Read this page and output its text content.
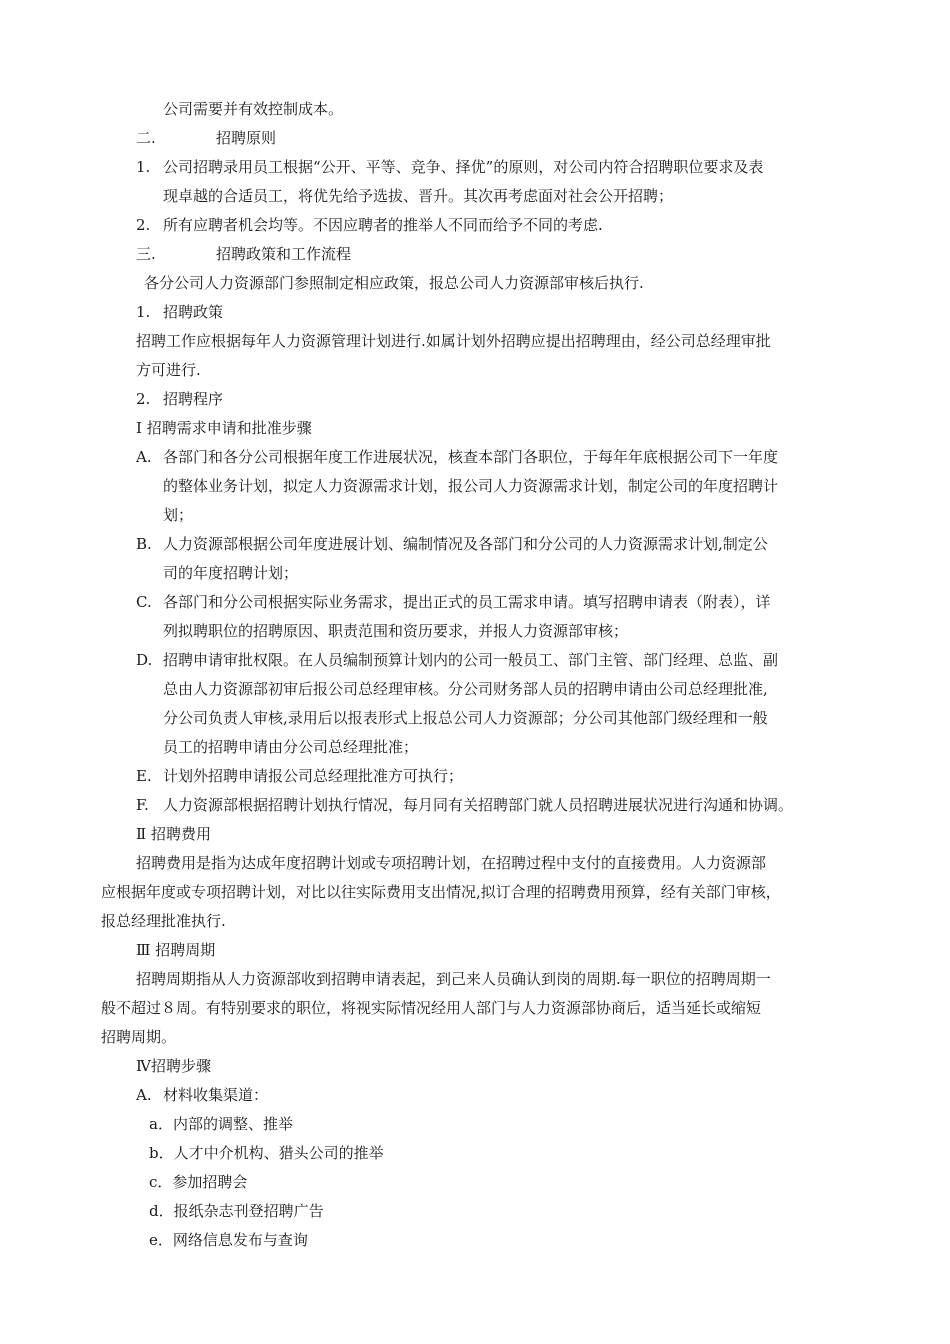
公司需要并有效控制成本。
二.	招聘原则
1. 公司招聘录用员工根据“公开、平等、竞争、择优”的原则，对公司内符合招聘职位要求及表
现卓越的合适员工，将优先给予选拔、晋升。其次再考虑面对社会公开招聘；
2. 所有应聘者机会均等。不因应聘者的推举人不同而给予不同的考虑.
三.	招聘政策和工作流程
各分公司人力资源部门参照制定相应政策，报总公司人力资源部审核后执行.
1. 招聘政策
招聘工作应根据每年人力资源管理计划进行.如属计划外招聘应提出招聘理由，经公司总经理审批
方可进行.
2. 招聘程序
I 招聘需求申请和批准步骤
A. 各部门和各分公司根据年度工作进展状况，核查本部门各职位，于每年年底根据公司下一年度
的整体业务计划，拟定人力资源需求计划，报公司人力资源需求计划，制定公司的年度招聘计
划；
B. 人力资源部根据公司年度进展计划、编制情况及各部门和分公司的人力资源需求计划,制定公
司的年度招聘计划；
C. 各部门和分公司根据实际业务需求，提出正式的员工需求申请。填写招聘申请表（附表），详
列拟聘职位的招聘原因、职责范围和资历要求，并报人力资源部审核；
D. 招聘申请审批权限。在人员编制预算计划内的公司一般员工、部门主管、部门经理、总监、副
总由人力资源部初审后报公司总经理审核。分公司财务部人员的招聘申请由公司总经理批准,
分公司负责人审核,录用后以报表形式上报总公司人力资源部；分公司其他部门级经理和一般
员工的招聘申请由分公司总经理批准；
E. 计划外招聘申请报公司总经理批准方可执行；
F. 人力资源部根据招聘计划执行情况，每月同有关招聘部门就人员招聘进展状况进行沟通和协调。
Ⅱ 招聘费用
招聘费用是指为达成年度招聘计划或专项招聘计划，在招聘过程中支付的直接费用。人力资源部
应根据年度或专项招聘计划，对比以往实际费用支出情况,拟订合理的招聘费用预算，经有关部门审核，
报总经理批准执行.
Ⅲ 招聘周期
招聘周期指从人力资源部收到招聘申请表起，到己来人员确认到岗的周期.每一职位的招聘周期一
般不超过８周。有特别要求的职位，将视实际情况经用人部门与人力资源部协商后，适当延长或缩短
招聘周期。
Ⅳ招聘步骤
A. 材料收集渠道：
a．内部的调整、推举
b．人才中介机构、猎头公司的推举
c．参加招聘会
d．报纸杂志刊登招聘广告
e．网络信息发布与查询
